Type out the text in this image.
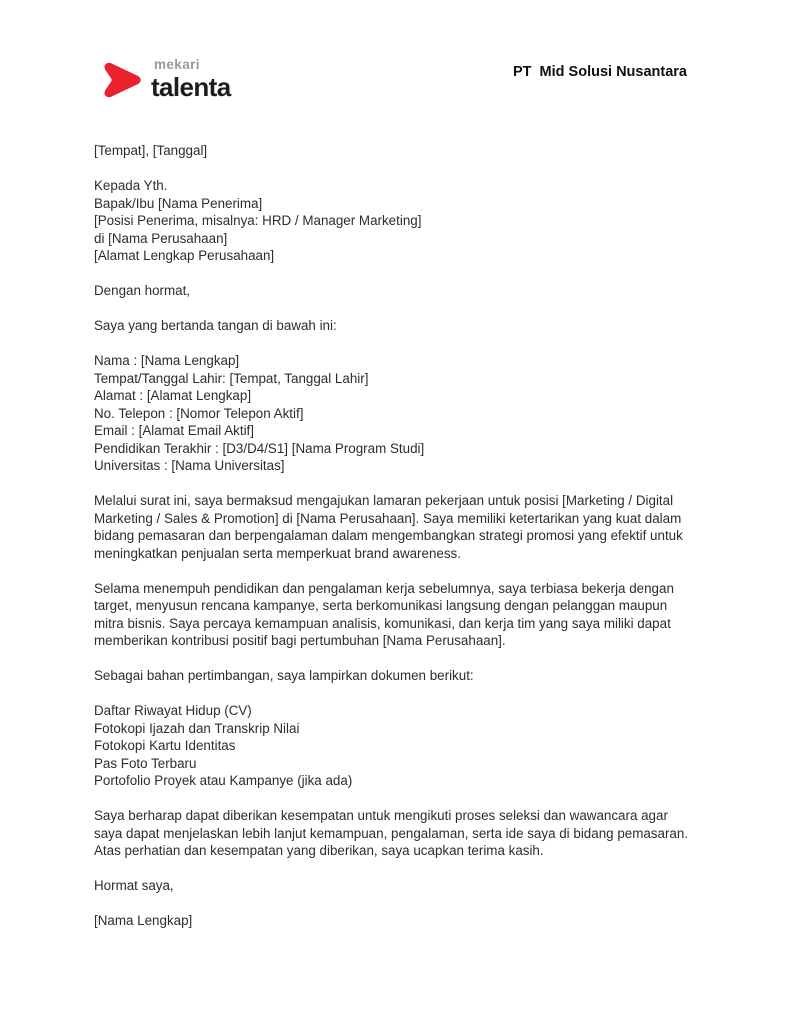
mekari
talenta	PT  Mid Solusi Nusantara
[Tempat], [Tanggal]
Kepada Yth.
Bapak/Ibu [Nama Penerima]
[Posisi Penerima, misalnya: HRD / Manager Marketing]
di [Nama Perusahaan]
[Alamat Lengkap Perusahaan]
Dengan hormat,
Saya yang bertanda tangan di bawah ini:
Nama : [Nama Lengkap]
Tempat/Tanggal Lahir: [Tempat, Tanggal Lahir]
Alamat : [Alamat Lengkap]
No. Telepon : [Nomor Telepon Aktif]
Email : [Alamat Email Aktif]
Pendidikan Terakhir : [D3/D4/S1] [Nama Program Studi]
Universitas : [Nama Universitas]

Melalui surat ini, saya bermaksud mengajukan lamaran pekerjaan untuk posisi [Marketing / Digital Marketing / Sales & Promotion] di [Nama Perusahaan]. Saya memiliki ketertarikan yang kuat dalam bidang pemasaran dan berpengalaman dalam mengembangkan strategi promosi yang efektif untuk meningkatkan penjualan serta memperkuat brand awareness.

Selama menempuh pendidikan dan pengalaman kerja sebelumnya, saya terbiasa bekerja dengan target, menyusun rencana kampanye, serta berkomunikasi langsung dengan pelanggan maupun mitra bisnis. Saya percaya kemampuan analisis, komunikasi, dan kerja tim yang saya miliki dapat memberikan kontribusi positif bagi pertumbuhan [Nama Perusahaan].

Sebagai bahan pertimbangan, saya lampirkan dokumen berikut:
Daftar Riwayat Hidup (CV)
Fotokopi Ijazah dan Transkrip Nilai
Fotokopi Kartu Identitas
Pas Foto Terbaru
Portofolio Proyek atau Kampanye (jika ada)

Saya berharap dapat diberikan kesempatan untuk mengikuti proses seleksi dan wawancara agar saya dapat menjelaskan lebih lanjut kemampuan, pengalaman, serta ide saya di bidang pemasaran. Atas perhatian dan kesempatan yang diberikan, saya ucapkan terima kasih.

Hormat saya,
[Nama Lengkap]
